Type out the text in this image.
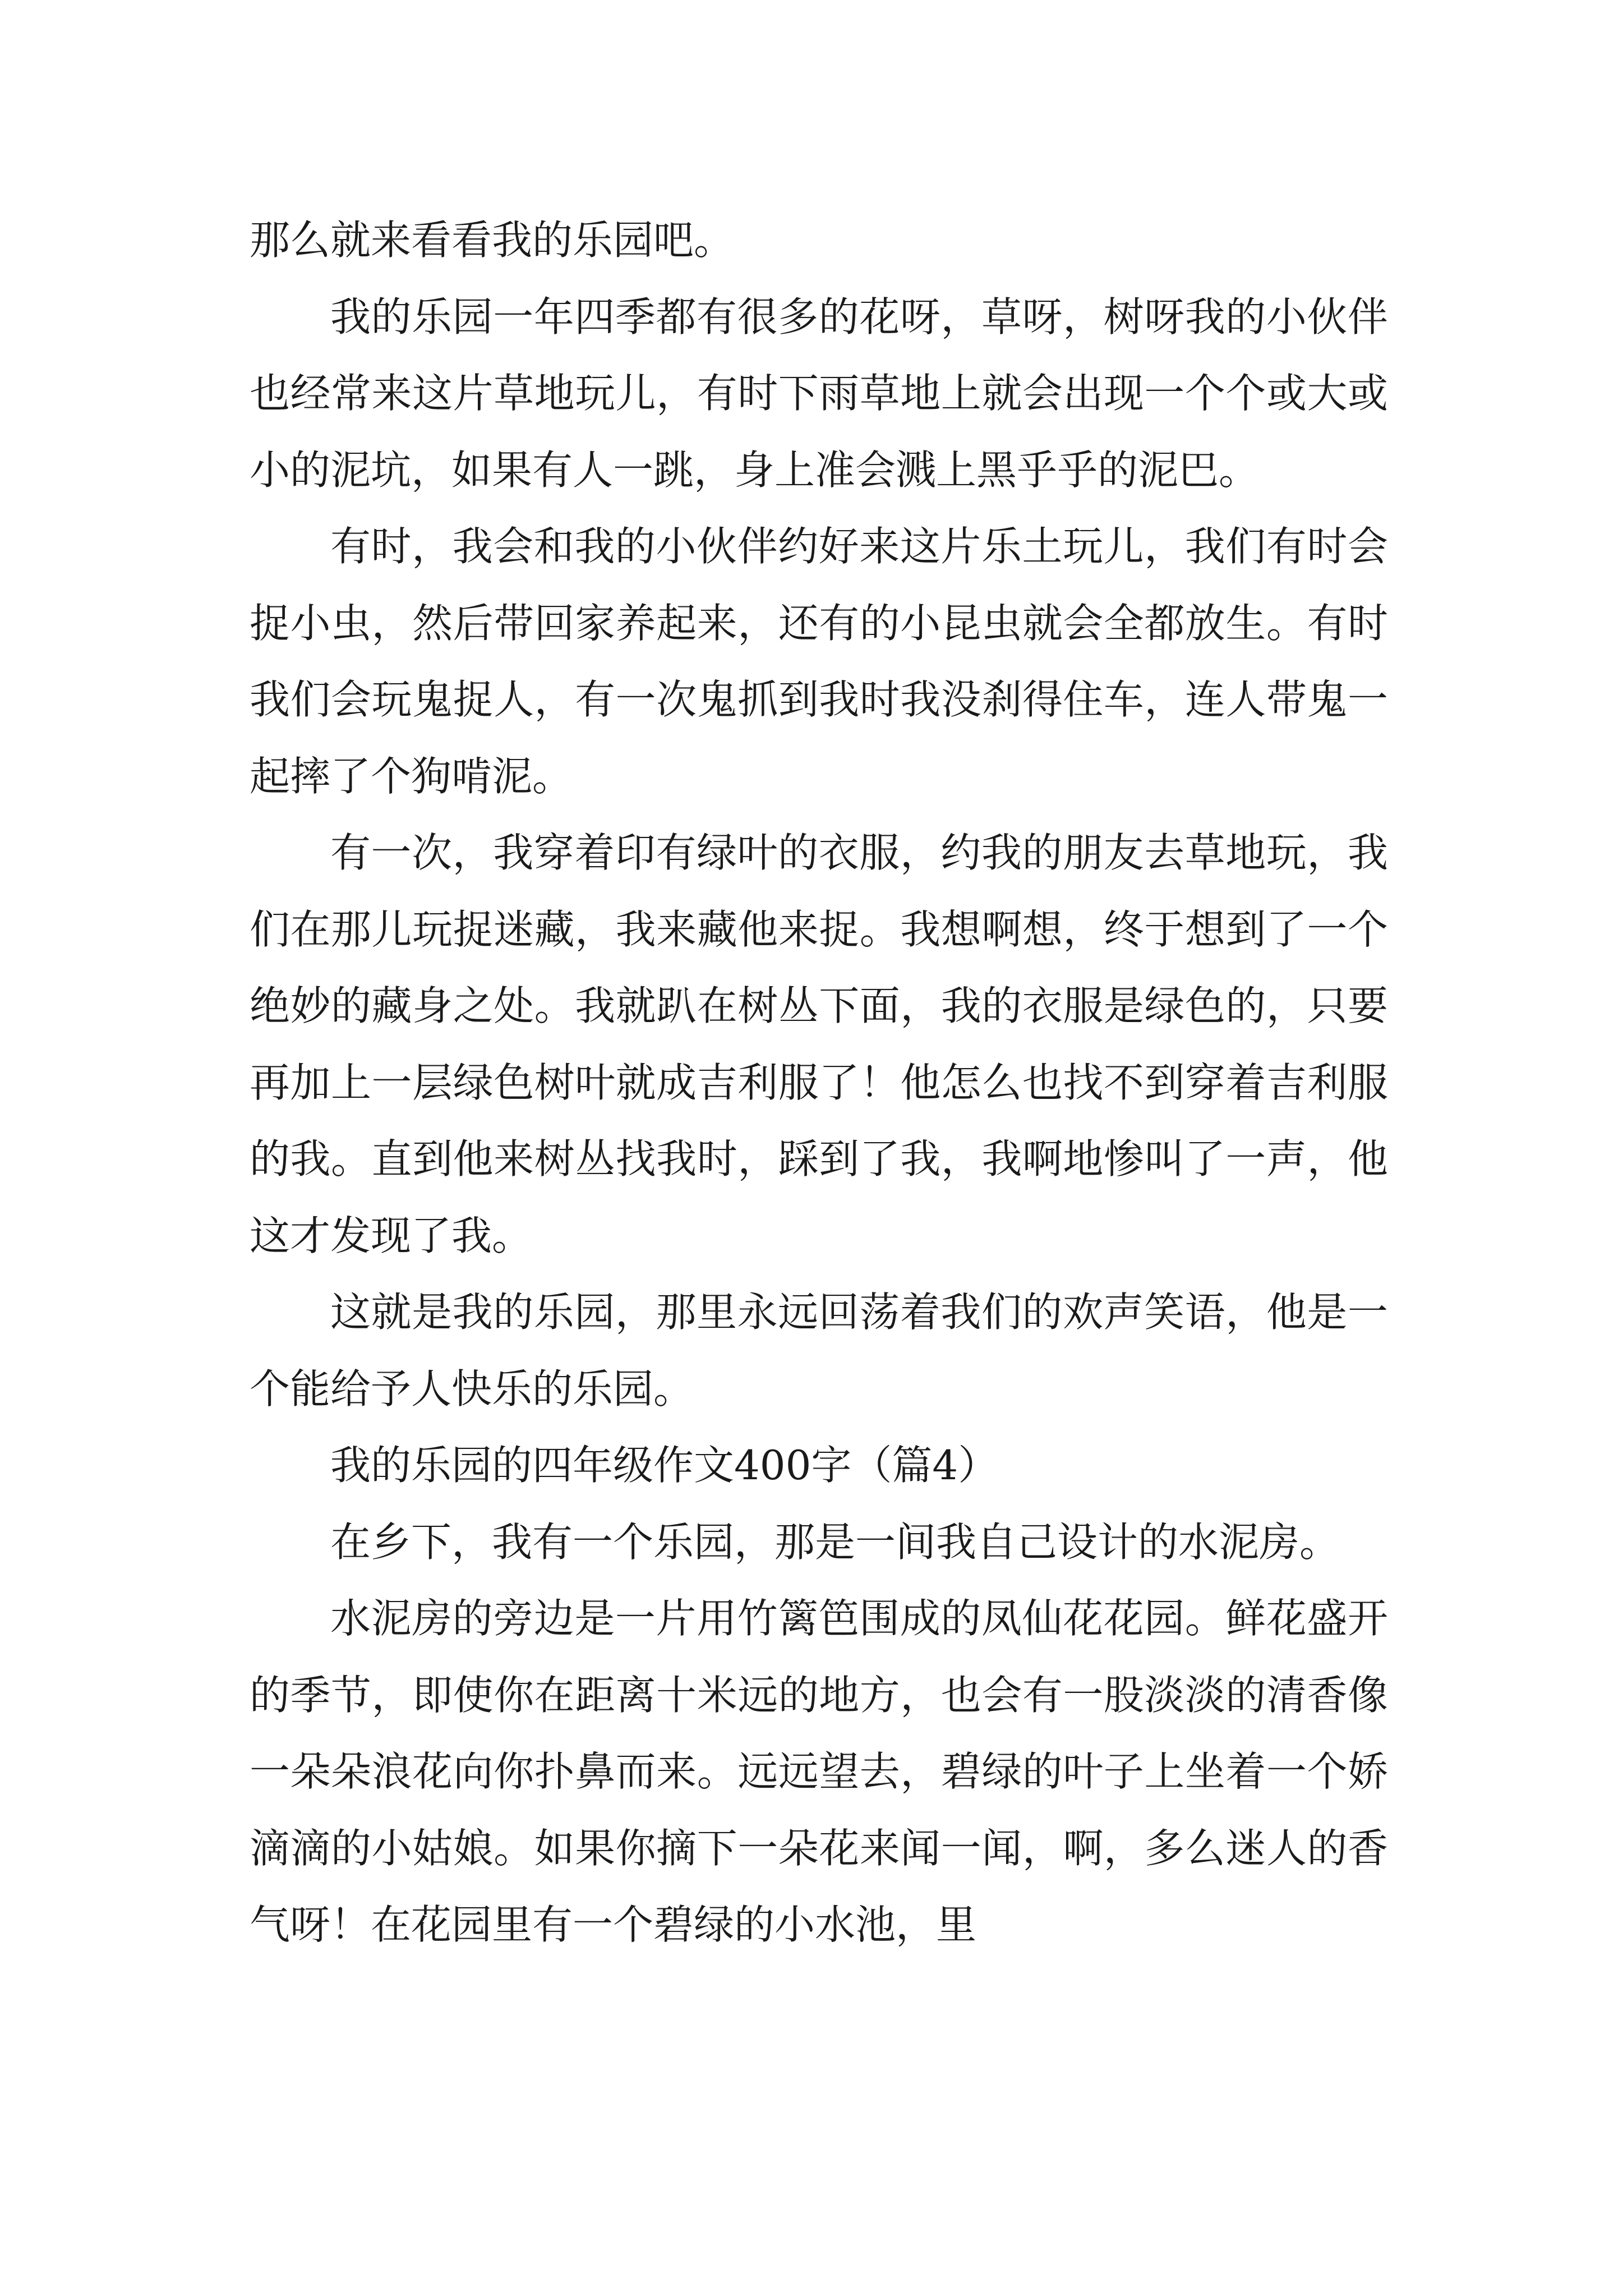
那么就来看看我的乐园吧。

我的乐园一年四季都有很多的花呀，草呀，树呀我的小伙伴也经常来这片草地玩儿，有时下雨草地上就会出现一个个或大或小的泥坑，如果有人一跳，身上准会溅上黑乎乎的泥巴。

有时，我会和我的小伙伴约好来这片乐土玩儿，我们有时会捉小虫，然后带回家养起来，还有的小昆虫就会全都放生。有时我们会玩鬼捉人，有一次鬼抓到我时我没刹得住车，连人带鬼一起摔了个狗啃泥。

有一次，我穿着印有绿叶的衣服，约我的朋友去草地玩，我们在那儿玩捉迷藏，我来藏他来捉。我想啊想，终于想到了一个绝妙的藏身之处。我就趴在树丛下面，我的衣服是绿色的，只要再加上一层绿色树叶就成吉利服了！他怎么也找不到穿着吉利服的我。直到他来树丛找我时，踩到了我，我啊地惨叫了一声，他这才发现了我。

这就是我的乐园，那里永远回荡着我们的欢声笑语，他是一个能给予人快乐的乐园。

我的乐园的四年级作文400字（篇4）

在乡下，我有一个乐园，那是一间我自己设计的水泥房。

水泥房的旁边是一片用竹篱笆围成的凤仙花花园。鲜花盛开的季节，即使你在距离十米远的地方，也会有一股淡淡的清香像一朵朵浪花向你扑鼻而来。远远望去，碧绿的叶子上坐着一个娇滴滴的小姑娘。如果你摘下一朵花来闻一闻，啊，多么迷人的香气呀！在花园里有一个碧绿的小水池，里
